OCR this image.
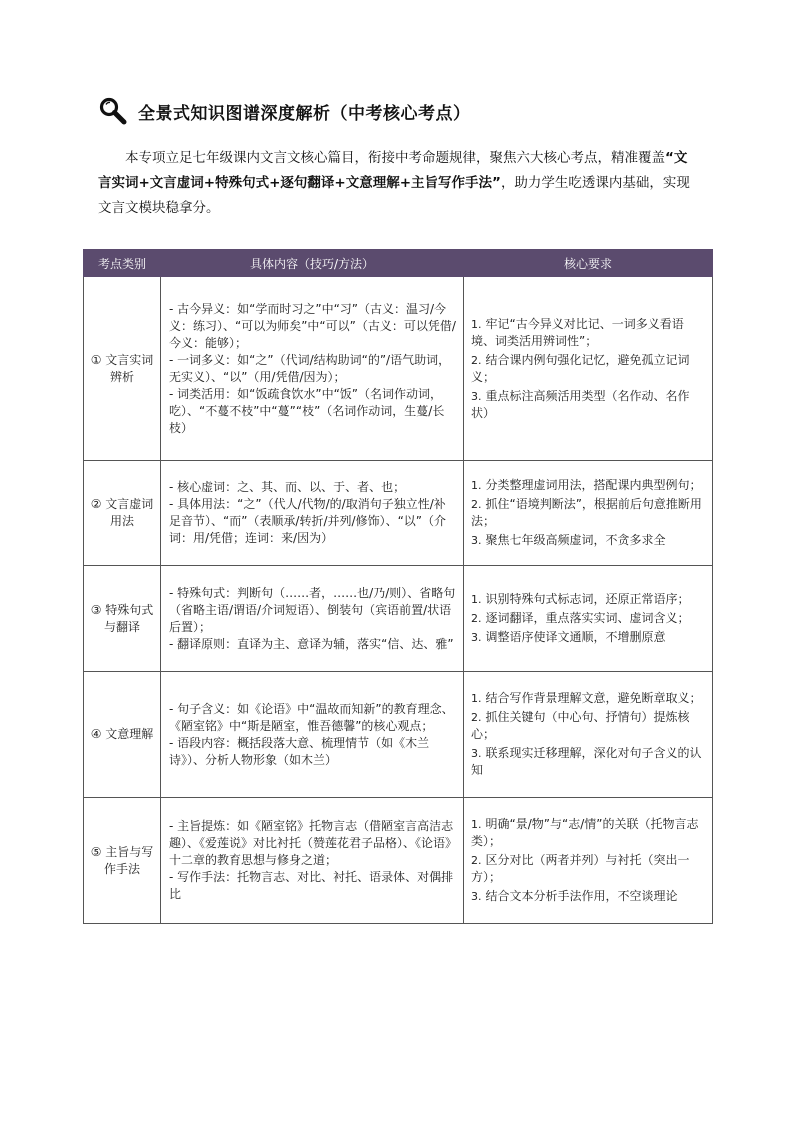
全景式知识图谱深度解析（中考核心考点）

本专项立足七年级课内文言文核心篇目，衔接中考命题规律，聚焦六大核心考点，精准覆盖“文言实词+文言虚词+特殊句式+逐句翻译+文意理解+主旨写作手法”，助力学生吃透课内基础，实现文言文模块稳拿分。

考点类别	具体内容（技巧/方法）	核心要求
① 文言实词辨析	- 古今异义：如“学而时习之”中“习”（古义：温习/今义：练习）、“可以为师矣”中“可以”（古义：可以凭借/今义：能够）；
- 一词多义：如“之”（代词/结构助词“的”/语气助词，无实义）、“以”（用/凭借/因为）；
- 词类活用：如“饭疏食饮水”中“饭”（名词作动词，吃）、“不蔓不枝”中“蔓”“枝”（名词作动词，生蔓/长枝）	1. 牢记“古今异义对比记、一词多义看语境、词类活用辨词性”；
2. 结合课内例句强化记忆，避免孤立记词义；
3. 重点标注高频活用类型（名作动、名作状）

② 文言虚词用法	- 核心虚词：之、其、而、以、于、者、也；
- 具体用法：“之”（代人/代物/的/取消句子独立性/补足音节）、“而”（表顺承/转折/并列/修饰）、“以”（介词：用/凭借；连词：来/因为）	1. 分类整理虚词用法，搭配课内典型例句；
2. 抓住“语境判断法”，根据前后句意推断用法；
3. 聚焦七年级高频虚词，不贪多求全

③ 特殊句式与翻译	- 特殊句式：判断句（……者，……也/乃/则）、省略句（省略主语/谓语/介词短语）、倒装句（宾语前置/状语后置）；
- 翻译原则：直译为主、意译为辅，落实“信、达、雅”	1. 识别特殊句式标志词，还原正常语序；
2. 逐词翻译，重点落实实词、虚词含义；
3. 调整语序使译文通顺，不增删原意

④ 文意理解	- 句子含义：如《论语》中“温故而知新”的教育理念、《陋室铭》中“斯是陋室，惟吾德馨”的核心观点；
- 语段内容：概括段落大意、梳理情节（如《木兰诗》）、分析人物形象（如木兰）	1. 结合写作背景理解文意，避免断章取义；
2. 抓住关键句（中心句、抒情句）提炼核心；
3. 联系现实迁移理解，深化对句子含义的认知

⑤ 主旨与写作手法	- 主旨提炼：如《陋室铭》托物言志（借陋室言高洁志趣）、《爱莲说》对比衬托（赞莲花君子品格）、《论语》十二章的教育思想与修身之道；
- 写作手法：托物言志、对比、衬托、语录体、对偶排比	1. 明确“景/物”与“志/情”的关联（托物言志类）；
2. 区分对比（两者并列）与衬托（突出一方）；
3. 结合文本分析手法作用，不空谈理论
